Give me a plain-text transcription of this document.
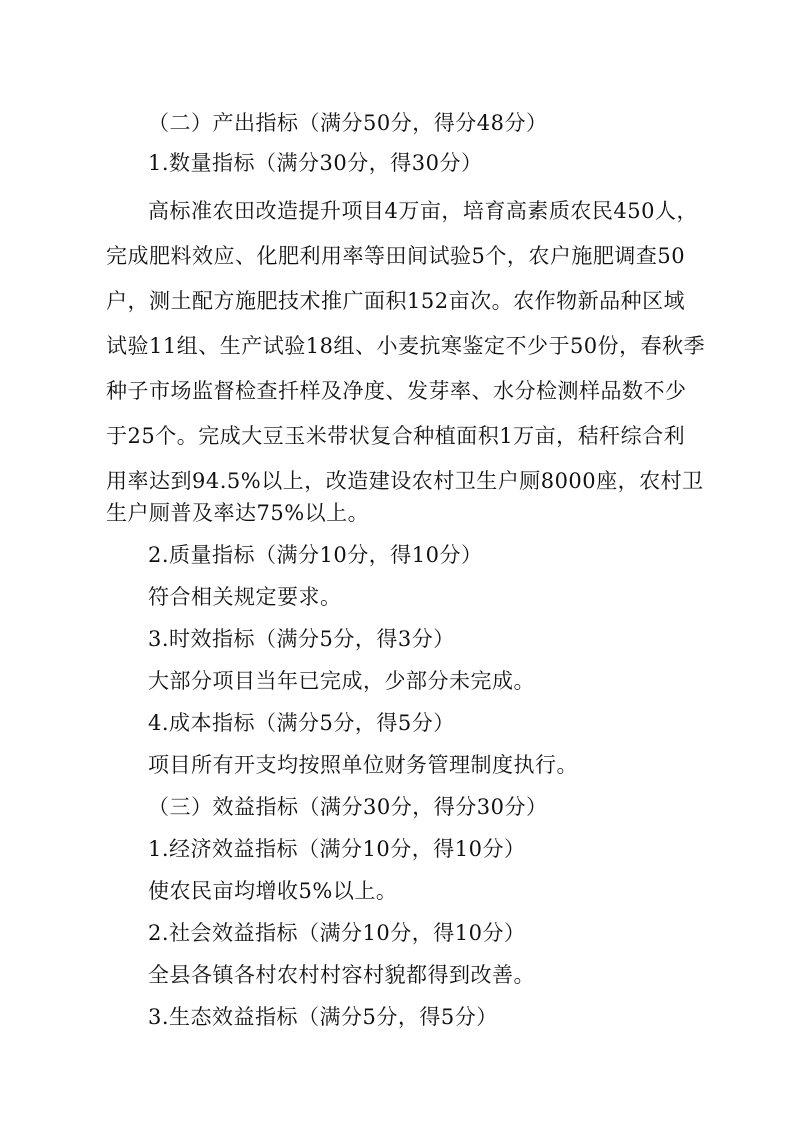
（二）产出指标（满分50分，得分48分）
1.数量指标（满分30分，得30分）
高标准农田改造提升项目4万亩，培育高素质农民450人，
完成肥料效应、化肥利用率等田间试验5个，农户施肥调查50
户，测土配方施肥技术推广面积152亩次。农作物新品种区域
试验11组、生产试验18组、小麦抗寒鉴定不少于50份，春秋季
种子市场监督检查扦样及净度、发芽率、水分检测样品数不少
于25个。完成大豆玉米带状复合种植面积1万亩，秸秆综合利
用率达到94.5%以上，改造建设农村卫生户厕8000座，农村卫
生户厕普及率达75%以上。
2.质量指标（满分10分，得10分）
符合相关规定要求。
3.时效指标（满分5分，得3分）
大部分项目当年已完成，少部分未完成。
4.成本指标（满分5分，得5分）
项目所有开支均按照单位财务管理制度执行。
（三）效益指标（满分30分，得分30分）
1.经济效益指标（满分10分，得10分）
使农民亩均增收5%以上。
2.社会效益指标（满分10分，得10分）
全县各镇各村农村村容村貌都得到改善。
3.生态效益指标（满分5分，得5分）
